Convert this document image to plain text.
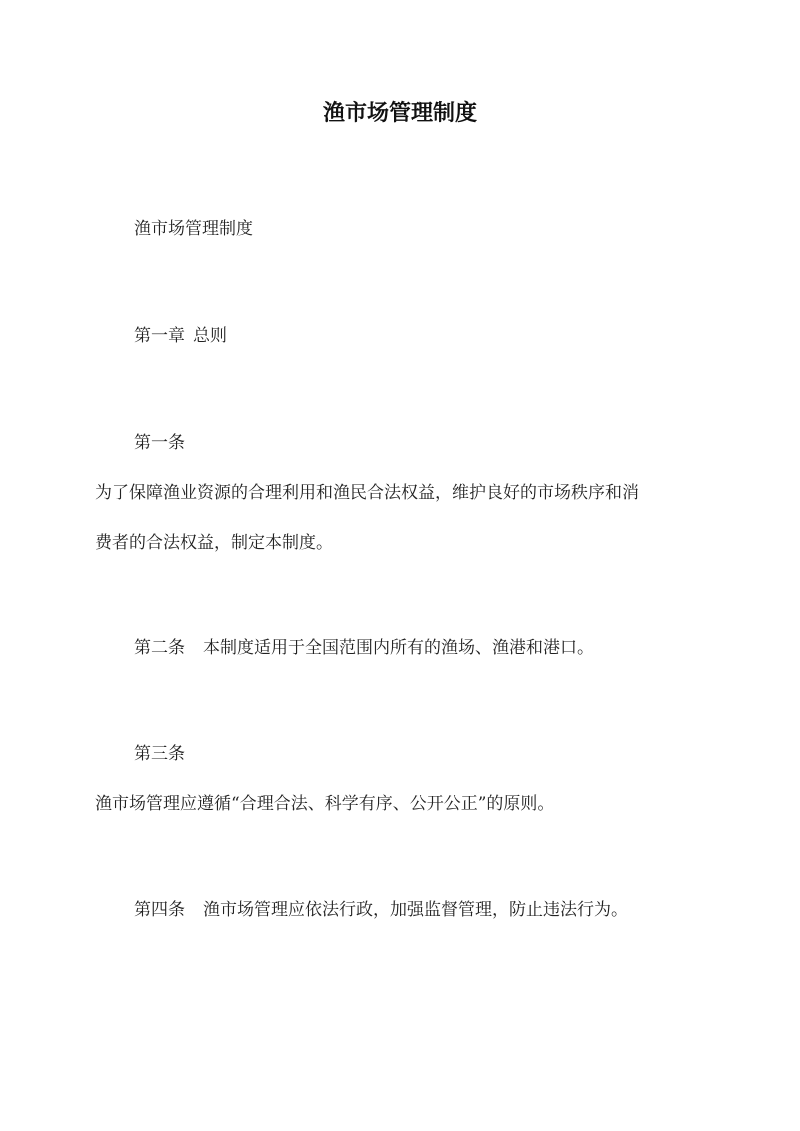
渔市场管理制度
渔市场管理制度
第一章 总则
第一条
为了保障渔业资源的合理利用和渔民合法权益，维护良好的市场秩序和消
费者的合法权益，制定本制度。
第二条 本制度适用于全国范围内所有的渔场、渔港和港口。
第三条
渔市场管理应遵循“合理合法、科学有序、公开公正”的原则。
第四条 渔市场管理应依法行政，加强监督管理，防止违法行为。
